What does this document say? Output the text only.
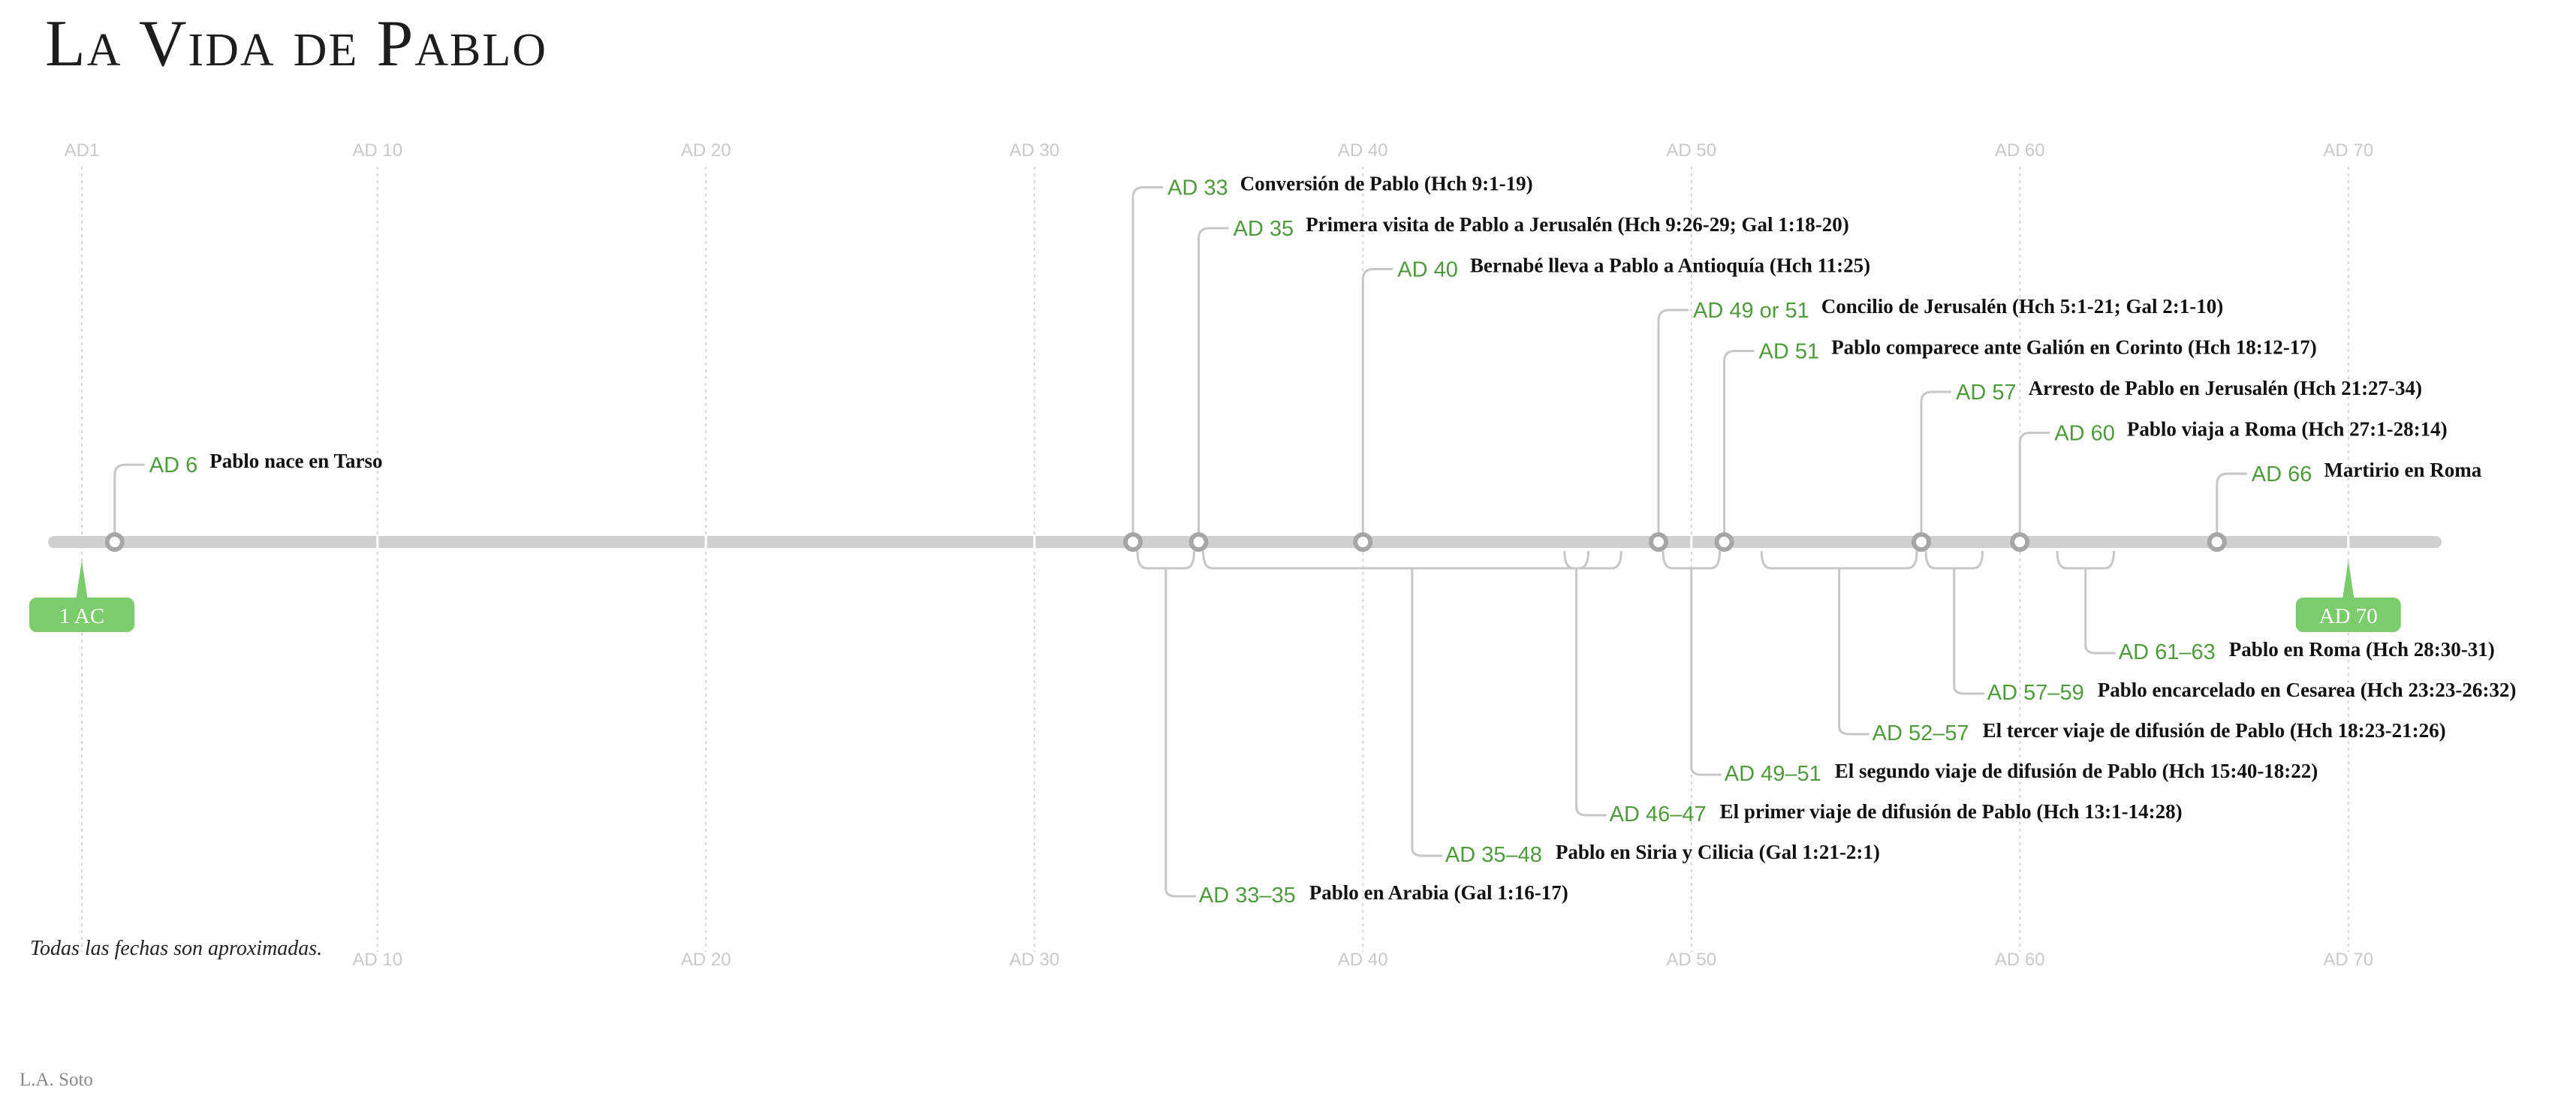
La Vida de Pablo
AD1	AD 10	AD 20	AD 30	AD 40	AD 50	AD 60	AD 70
AD 10	AD 20	AD 30	AD 40	AD 50	AD 60	AD 70
1 AC	AD 70
AD 33–35 Pablo en Arabia (Gal 1:16-17)
AD 35–48 Pablo en Siria y Cilicia (Gal 1:21-2:1)
AD 46–47 El primer viaje de difusión de Pablo (Hch 13:1-14:28)
AD 49–51 El segundo viaje de difusión de Pablo (Hch 15:40-18:22)
AD 52–57 El tercer viaje de difusión de Pablo (Hch 18:23-21:26)
AD 57–59 Pablo encarcelado en Cesarea (Hch 23:23-26:32)
AD 61–63 Pablo en Roma (Hch 28:30-31)
AD 6 Pablo nace en Tarso
AD 33 Conversión de Pablo (Hch 9:1-19)
AD 35 Primera visita de Pablo a Jerusalén (Hch 9:26-29; Gal 1:18-20)
AD 40 Bernabé lleva a Pablo a Antioquía (Hch 11:25)
AD 49 or 51 Concilio de Jerusalén (Hch 5:1-21; Gal 2:1-10)
AD 51 Pablo comparece ante Galión en Corinto (Hch 18:12-17)
AD 57 Arresto de Pablo en Jerusalén (Hch 21:27-34)
AD 60 Pablo viaja a Roma (Hch 27:1-28:14)
AD 66 Martirio en Roma
Todas las fechas son aproximadas.
L.A. Soto
